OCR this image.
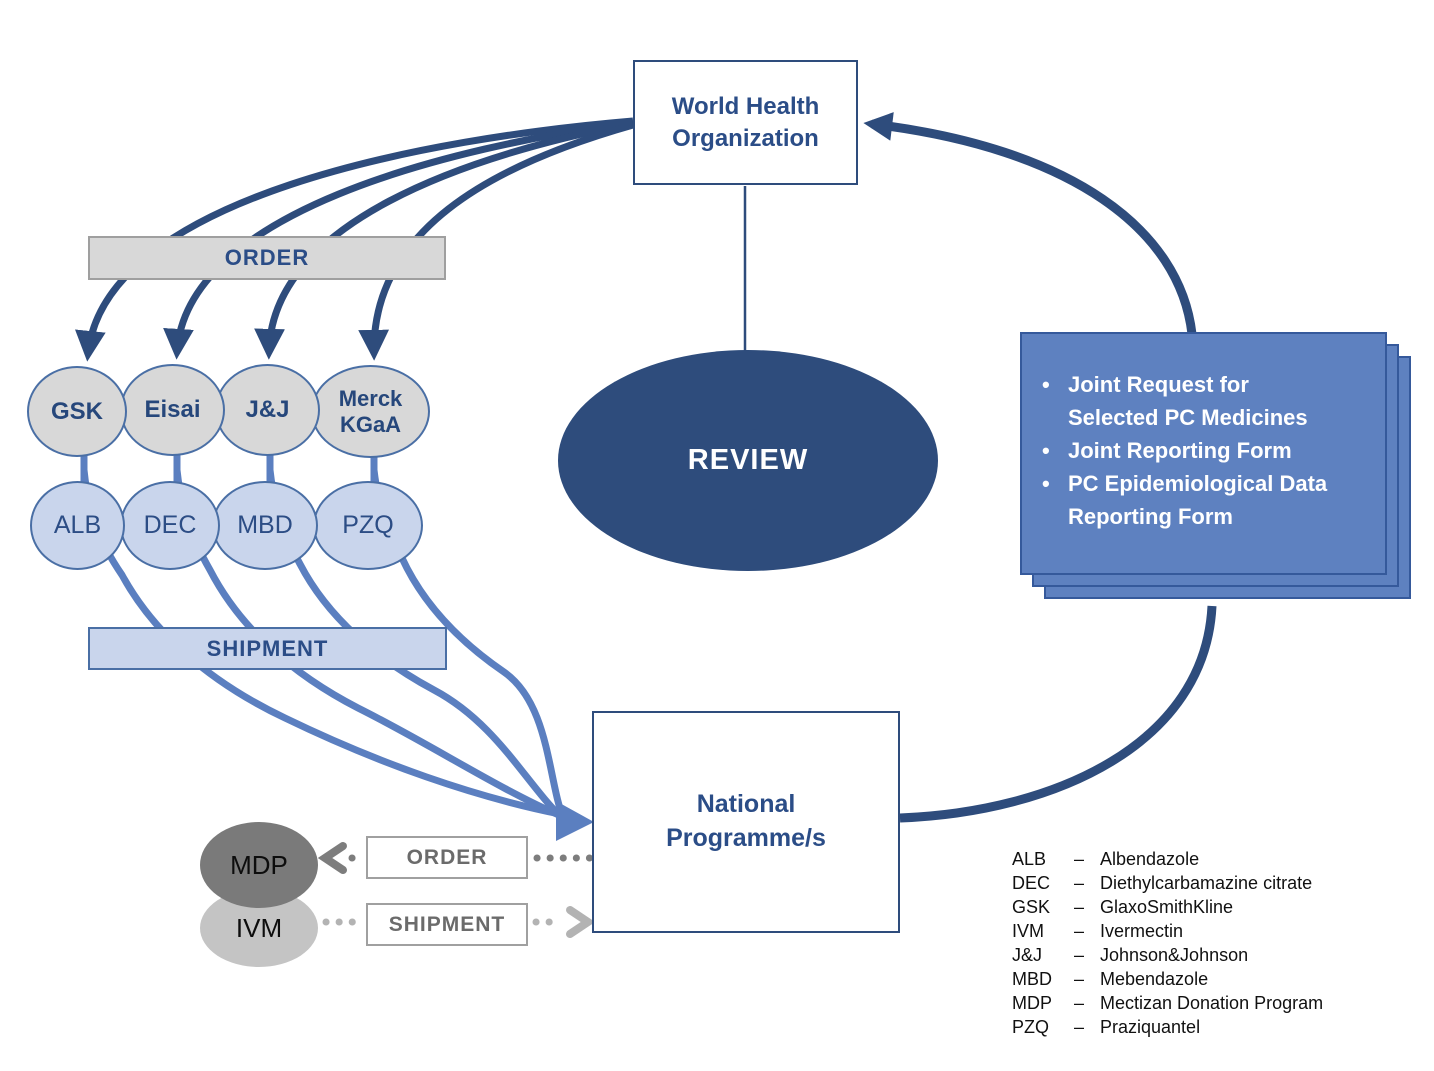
World Health Organization
ORDER
GSK Eisai J&J	Merck KGaA
ALB DEC MBD PZQ
SHIPMENT
REVIEW
National Programme/s
• Joint Request for Selected PC Medicines
• Joint Reporting Form
• PC Epidemiological Data Reporting Form
IVM
MDP	ORDER
SHIPMENT
ALB	– Albendazole
DEC	– Diethylcarbamazine citrate
GSK	– GlaxoSmithKline
IVM	– Ivermectin
J&J	– Johnson&Johnson
MBD	– Mebendazole
MDP	– Mectizan Donation Program
PZQ	– Praziquantel
